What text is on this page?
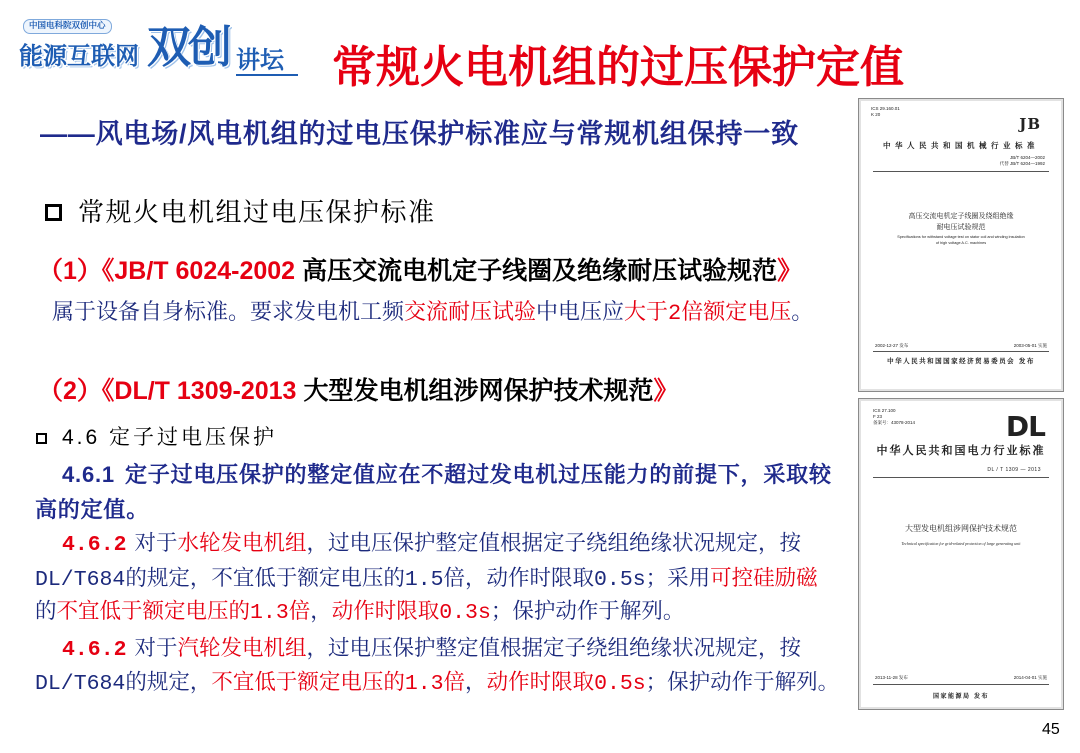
中国电科院双创中心
能源互联网 双创 讲坛 常规火电机组的过压保护定值
——风电场/风电机组的过电压保护标准应与常规机组保持一致
常规火电机组过电压保护标准
（1）《JB/T 6024-2002 高压交流电机定子线圈及绝缘耐压试验规范》
属于设备自身标准。要求发电机工频交流耐压试验中电压应大于2倍额定电压。
（2）《DL/T 1309-2013 大型发电机组涉网保护技术规范》
4.6 定子过电压保护
4.6.1 定子过电压保护的整定值应在不超过发电机过压能力的前提下，采取较
高的定值。
4.6.2 对于水轮发电机组，过电压保护整定值根据定子绕组绝缘状况规定，按
DL/T684的规定，不宜低于额定电压的1.5倍，动作时限取0.5s；采用可控硅励磁
的不宜低于额定电压的1.3倍，动作时限取0.3s；保护动作于解列。
4.6.2 对于汽轮发电机组，过电压保护整定值根据定子绕组绝缘状况规定，按
DL/T684的规定，不宜低于额定电压的1.3倍，动作时限取0.5s；保护动作于解列。
ICS 29.160.01
K 20
JB
中华人民共和国机械行业标准
JB/T 6204—2002
代替 JB/T 6204—1992
高压交流电机定子线圈及绕组绝缘
耐电压试验规范
Specifications for withstand voltage test on stator coil and winding insulation
of high voltage A.C. machines
2002-12-27 发布	2003-05-01 实施
中华人民共和国国家经济贸易委员会 发布
ICS 27.100
F 23
备案号：43078-2014	DL
中华人民共和国电力行业标准
DL / T 1309 — 2013
大型发电机组涉网保护技术规范
Technical specification for grid-related protection of large generating unit
2013-11-28 发布	2014-04-01 实施
国家能源局 发布
45
